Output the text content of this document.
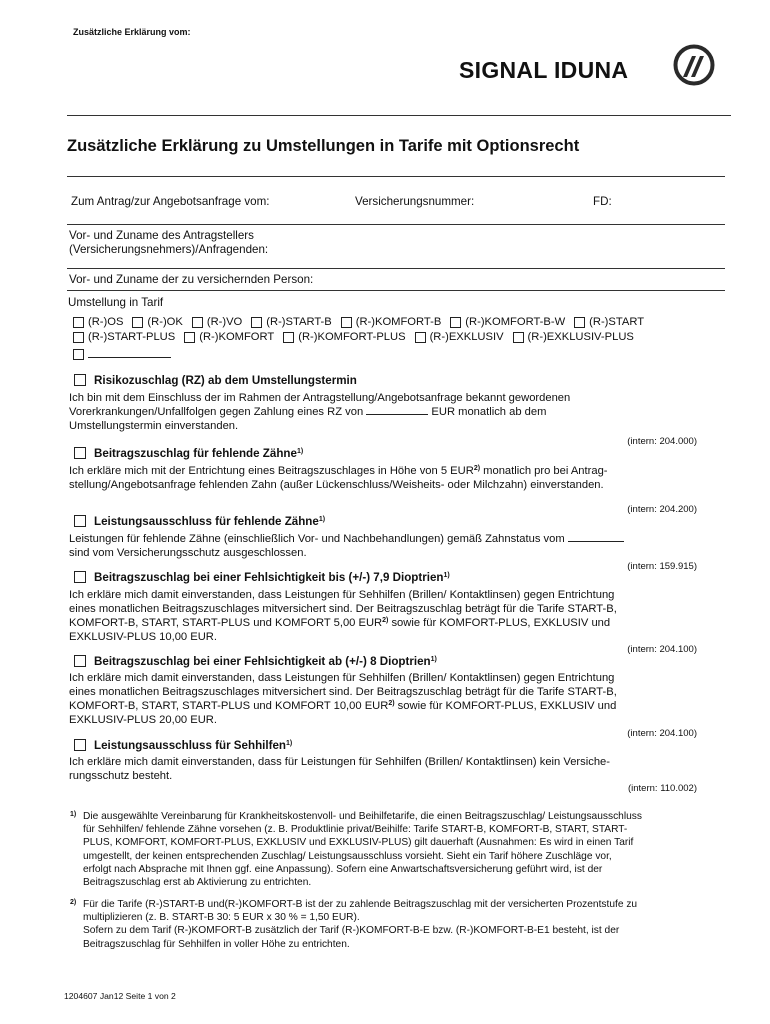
Zusätzliche Erklärung vom:
SIGNAL IDUNA
Zusätzliche Erklärung zu Umstellungen in Tarife mit Optionsrecht
Zum Antrag/zur Angebotsanfrage vom:	Versicherungsnummer:	FD:
Vor- und Zuname des Antragstellers
(Versicherungsnehmers)/Anfragenden:
Vor- und Zuname der zu versichernden Person:
Umstellung in Tarif
(R-)OS (R-)OK (R-)VO (R-)START-B (R-)KOMFORT-B (R-)KOMFORT-B-W (R-)START
(R-)START-PLUS (R-)KOMFORT (R-)KOMFORT-PLUS (R-)EXKLUSIV (R-)EXKLUSIV-PLUS
Risikozuschlag (RZ) ab dem Umstellungstermin
Ich bin mit dem Einschluss der im Rahmen der Antragstellung/Angebotsanfrage bekannt gewordenen
Vorerkrankungen/Unfallfolgen gegen Zahlung eines RZ von	EUR monatlich ab dem
Umstellungstermin einverstanden.
(intern: 204.000)
Beitragszuschlag für fehlende Zähne$^{1)}$
Ich erkläre mich mit der Entrichtung eines Beitragszuschlages in Höhe von 5 EUR$^{2)}$ monatlich pro bei Antrag-
stellung/Angebotsanfrage fehlenden Zahn (außer Lückenschluss/Weisheits- oder Milchzahn) einverstanden.
(intern: 204.200)
Leistungsausschluss für fehlende Zähne$^{1)}$
Leistungen für fehlende Zähne (einschließlich Vor- und Nachbehandlungen) gemäß Zahnstatus vom
sind vom Versicherungsschutz ausgeschlossen.
(intern: 159.915)
Beitragszuschlag bei einer Fehlsichtigkeit bis (+/-) 7,9 Dioptrien$^{1)}$
Ich erkläre mich damit einverstanden, dass Leistungen für Sehhilfen (Brillen/ Kontaktlinsen) gegen Entrichtung
eines monatlichen Beitragszuschlages mitversichert sind. Der Beitragszuschlag beträgt für die Tarife START-B,
KOMFORT-B, START, START-PLUS und KOMFORT 5,00 EUR$^{2)}$ sowie für KOMFORT-PLUS, EXKLUSIV und
EXKLUSIV-PLUS 10,00 EUR.
(intern: 204.100)
Beitragszuschlag bei einer Fehlsichtigkeit ab (+/-) 8 Dioptrien$^{1)}$
Ich erkläre mich damit einverstanden, dass Leistungen für Sehhilfen (Brillen/ Kontaktlinsen) gegen Entrichtung
eines monatlichen Beitragszuschlages mitversichert sind. Der Beitragszuschlag beträgt für die Tarife START-B,
KOMFORT-B, START, START-PLUS und KOMFORT 10,00 EUR$^{2)}$ sowie für KOMFORT-PLUS, EXKLUSIV und
EXKLUSIV-PLUS 20,00 EUR.
(intern: 204.100)
Leistungsausschluss für Sehhilfen$^{1)}$
Ich erkläre mich damit einverstanden, dass für Leistungen für Sehhilfen (Brillen/ Kontaktlinsen) kein Versiche-
rungsschutz besteht.
(intern: 110.002)
$^{1)}$ Die ausgewählte Vereinbarung für Krankheitskostenvoll- und Beihilfetarife, die einen Beitragszuschlag/ Leistungsausschluss

für Sehhilfen/ fehlende Zähne vorsehen (z. B. Produktlinie privat/Beihilfe: Tarife START-B, KOMFORT-B, START, START-

PLUS, KOMFORT, KOMFORT-PLUS, EXKLUSIV und EXKLUSIV-PLUS) gilt dauerhaft (Ausnahmen: Es wird in einen Tarif

umgestellt, der keinen entsprechenden Zuschlag/ Leistungsausschluss vorsieht. Sieht ein Tarif höhere Zuschläge vor,

erfolgt nach Absprache mit Ihnen ggf. eine Anpassung). Sofern eine Anwartschaftsversicherung geführt wird, ist der

Beitragszuschlag erst ab Aktivierung zu entrichten.

$^{2)}$ Für die Tarife (R-)START-B und(R-)KOMFORT-B ist der zu zahlende Beitragszuschlag mit der versicherten Prozentstufe zu

multiplizieren (z. B. START-B 30: 5 EUR x 30 % = 1,50 EUR).

Sofern zu dem Tarif (R-)KOMFORT-B zusätzlich der Tarif (R-)KOMFORT-B-E bzw. (R-)KOMFORT-B-E1 besteht, ist der

Beitragszuschlag für Sehhilfen in voller Höhe zu entrichten.

1204607 Jan12 Seite 1 von 2
